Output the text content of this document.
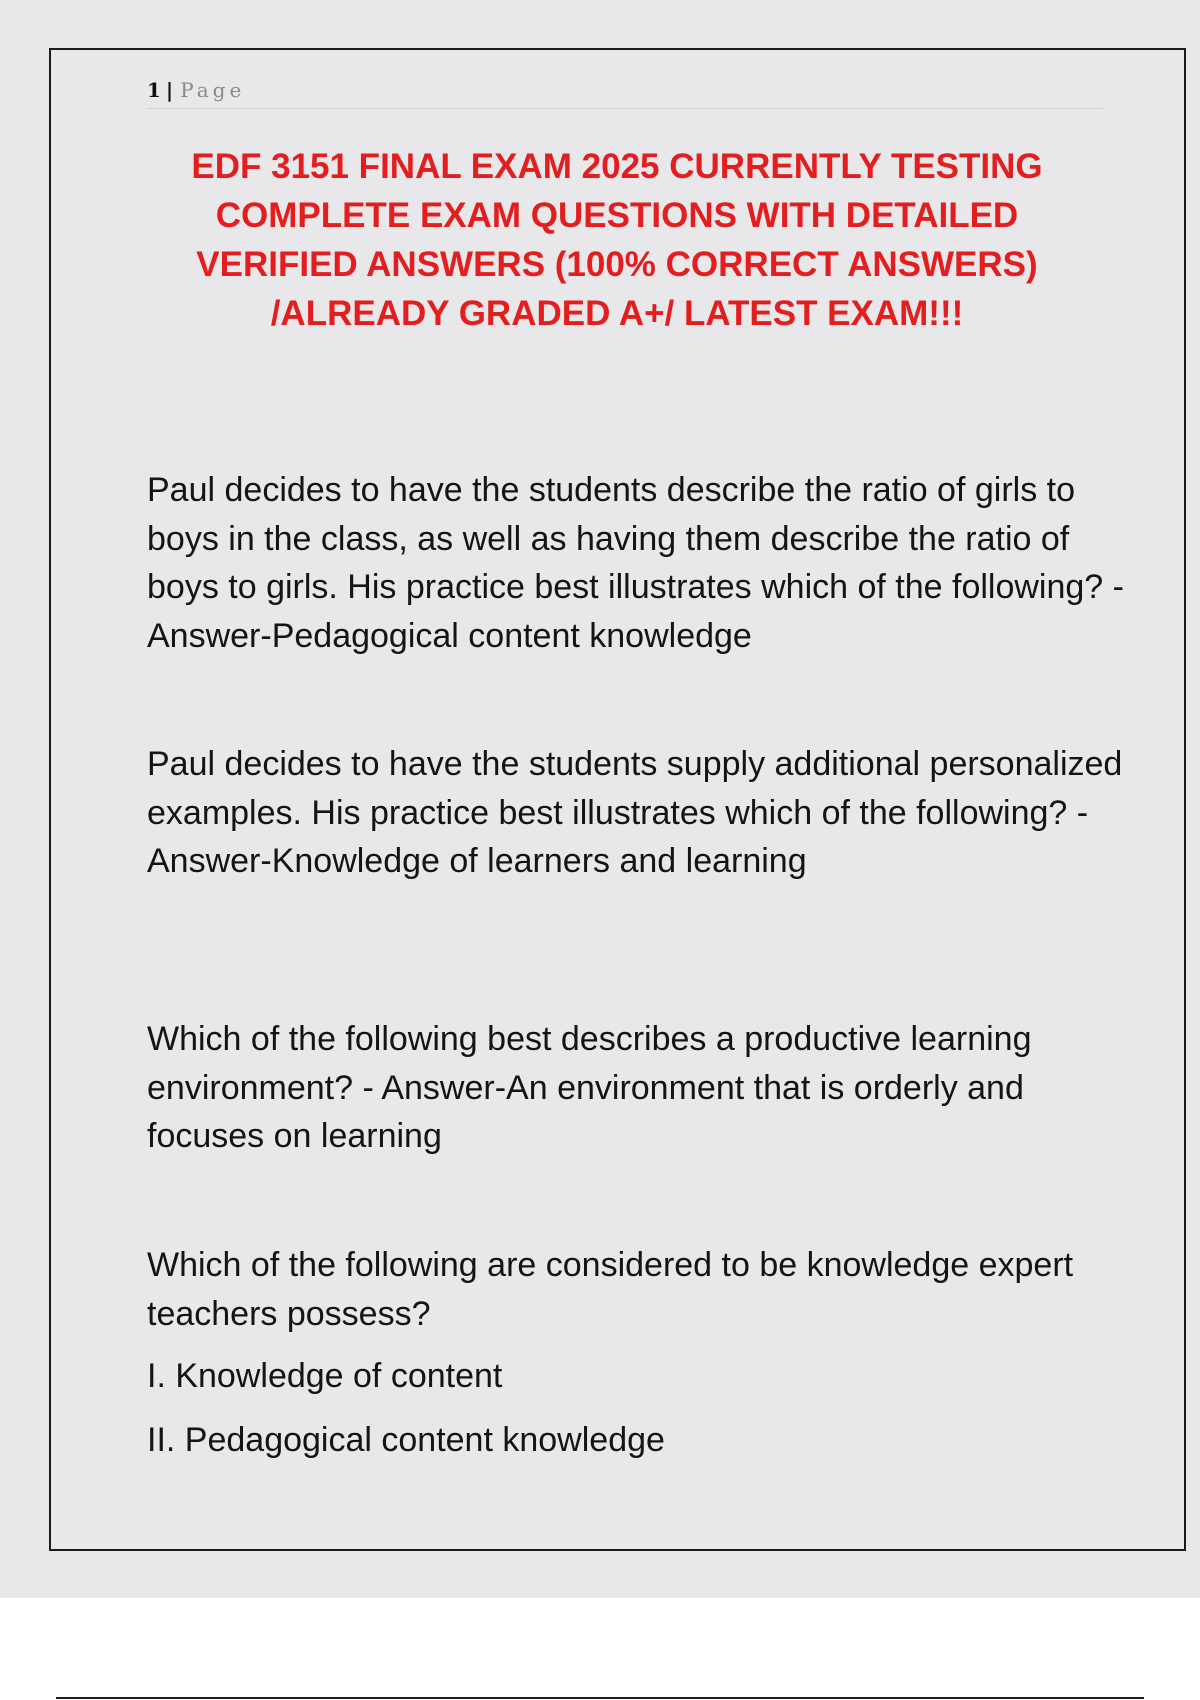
1 | Page
EDF 3151 FINAL EXAM 2025 CURRENTLY TESTING COMPLETE EXAM QUESTIONS WITH DETAILED VERIFIED ANSWERS (100% CORRECT ANSWERS) /ALREADY GRADED A+/ LATEST EXAM!!!

Paul decides to have the students describe the ratio of girls to boys in the class, as well as having them describe the ratio of boys to girls. His practice best illustrates which of the following? - Answer-Pedagogical content knowledge

Paul decides to have the students supply additional personalized examples. His practice best illustrates which of the following? - Answer-Knowledge of learners and learning

Which of the following best describes a productive learning environment? - Answer-An environment that is orderly and focuses on learning

Which of the following are considered to be knowledge expert teachers possess?

I. Knowledge of content

II. Pedagogical content knowledge
